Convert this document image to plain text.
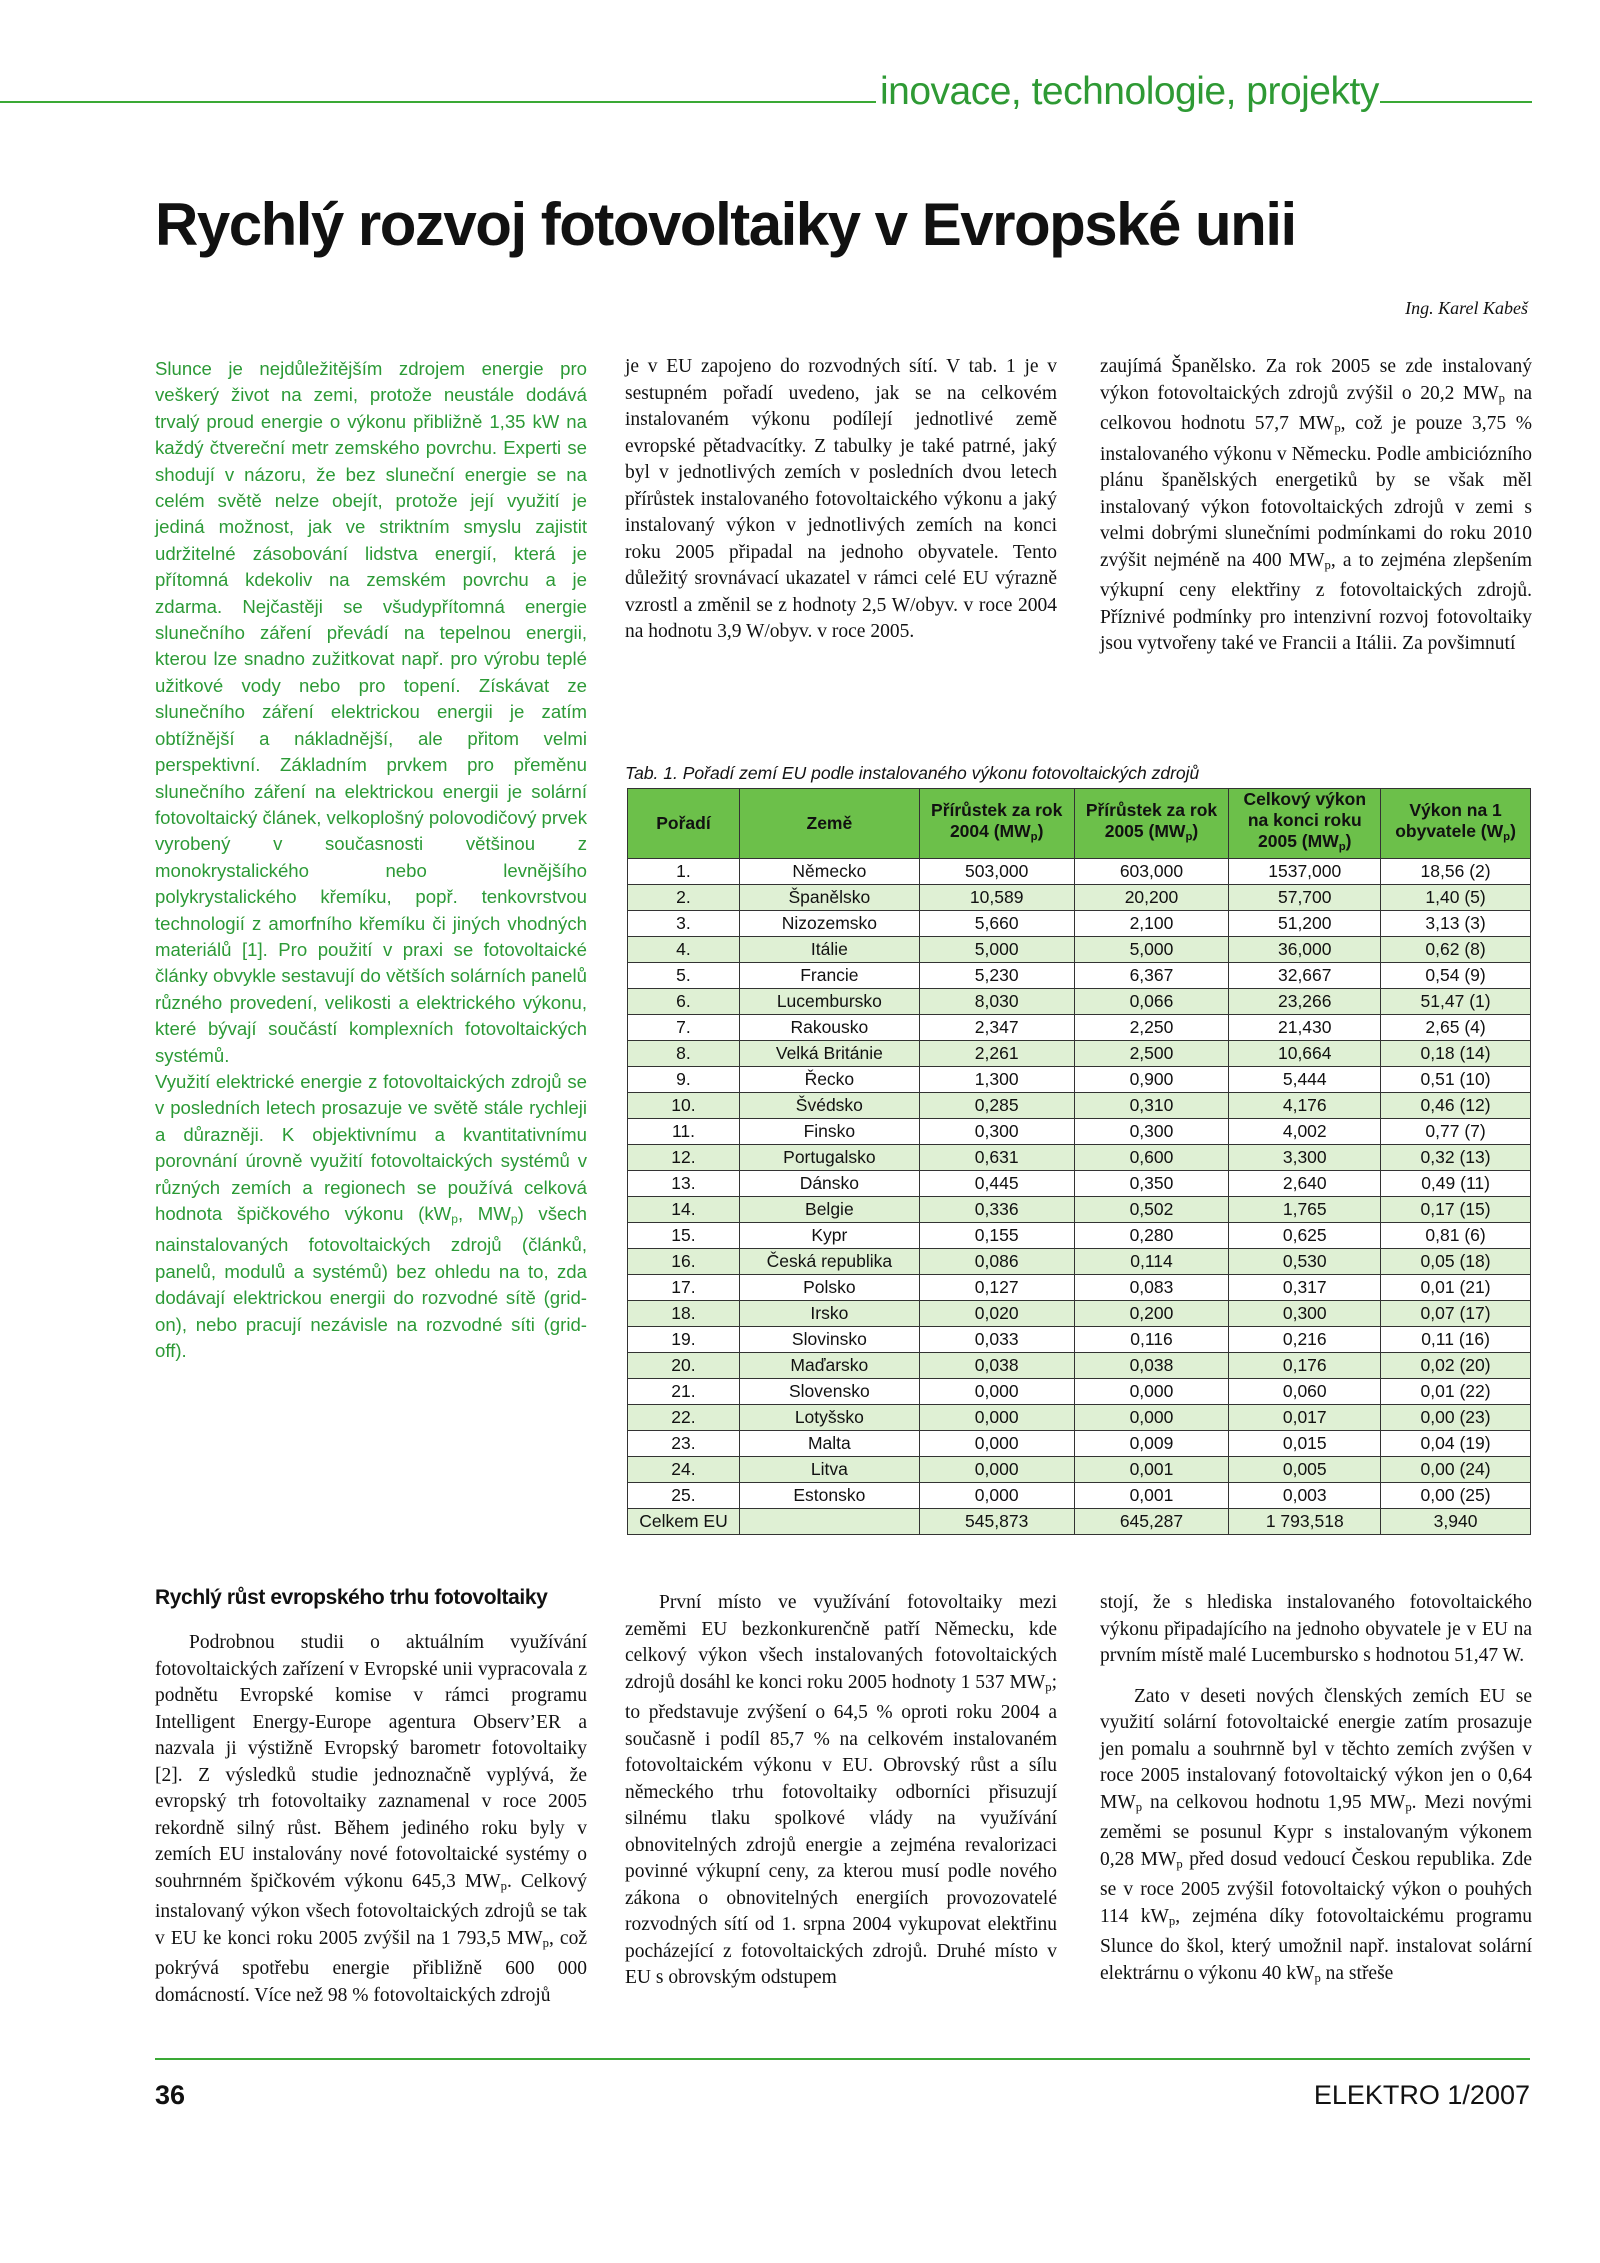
inovace, technologie, projekty
Rychlý rozvoj fotovoltaiky v Evropské unii
Ing. Karel Kabeš

Slunce je nejdůležitějším zdrojem energie pro veškerý život na zemi, protože neustále dodává trvalý proud energie o výkonu přibližně 1,35 kW na každý čtvereční metr zemského povrchu. Experti se shodují v názoru, že bez sluneční energie se na celém světě nelze obejít, protože její využití je jediná možnost, jak ve striktním smyslu zajistit udržitelné zásobování lidstva energií, která je přítomná kdekoliv na zemském povrchu a je zdarma. Nejčastěji se všudypřítomná energie slunečního záření převádí na tepelnou energii, kterou lze snadno zužitkovat např. pro výrobu teplé užitkové vody nebo pro topení. Získávat ze slunečního záření elektrickou energii je zatím obtížnější a nákladnější, ale přitom velmi perspektivní. Základním prvkem pro přeměnu slunečního záření na elektrickou energii je solární fotovoltaický článek, velkoplošný polovodičový prvek vyrobený v současnosti většinou z monokrystalického nebo levnějšího polykrystalického křemíku, popř. tenkovrstvou technologií z amorfního křemíku či jiných vhodných materiálů [1]. Pro použití v praxi se fotovoltaické články obvykle sestavují do větších solárních panelů různého provedení, velikosti a elektrického výkonu, které bývají součástí komplexních fotovoltaických systémů.

Využití elektrické energie z fotovoltaických zdrojů se v posledních letech prosazuje ve světě stále rychleji a důrazněji. K objektivnímu a kvantitativnímu porovnání úrovně využití fotovoltaických systémů v různých zemích a regionech se používá celková hodnota špičkového výkonu ($kW_p$, $MW_p$) všech nainstalovaných fotovoltaických zdrojů (článků, panelů, modulů a systémů) bez ohledu na to, zda dodávají elektrickou energii do rozvodné sítě (grid-on), nebo pracují nezávisle na rozvodné síti (grid-off).

je v EU zapojeno do rozvodných sítí. V tab. 1 je v sestupném pořadí uvedeno, jak se na celkovém instalovaném výkonu podílejí jednotlivé země evropské pětadvacítky. Z tabulky je také patrné, jaký byl v jednotlivých zemích v posledních dvou letech přírůstek instalovaného fotovoltaického výkonu a jaký instalovaný výkon v jednotlivých zemích na konci roku 2005 připadal na jednoho obyvatele. Tento důležitý srovnávací ukazatel v rámci celé EU výrazně vzrostl a změnil se z hodnoty 2,5 W/obyv. v roce 2004 na hodnotu 3,9 W/obyv. v roce 2005.

zaujímá Španělsko. Za rok 2005 se zde instalovaný výkon fotovoltaických zdrojů zvýšil o 20,2 $MW_p$ na celkovou hodnotu 57,7 $MW_p$, což je pouze 3,75 % instalovaného výkonu v Německu. Podle ambiciózního plánu španělských energetiků by se však měl instalovaný výkon fotovoltaických zdrojů v zemi s velmi dobrými slunečními podmínkami do roku 2010 zvýšit nejméně na 400 $MW_p$, a to zejména zlepšením výkupní ceny elektřiny z fotovoltaických zdrojů. Příznivé podmínky pro intenzivní rozvoj fotovoltaiky jsou vytvořeny také ve Francii a Itálii. Za povšimnutí

Tab. 1. Pořadí zemí EU podle instalovaného výkonu fotovoltaických zdrojů
Pořadí	Země	Přírůstek za rok 2004 $(MW_p)$	Přírůstek za rok 2005 $(MW_p)$	Celkový výkon na konci roku 2005 $(MW_p)$	Výkon na 1 obyvatele $(W_p)$
1.	Německo	503,000	603,000	1537,000	18,56 (2)
2.	Španělsko	10,589	20,200	57,700	1,40 (5)
3.	Nizozemsko	5,660	2,100	51,200	3,13 (3)
4.	Itálie	5,000	5,000	36,000	0,62 (8)
5.	Francie	5,230	6,367	32,667	0,54 (9)
6.	Lucembursko	8,030	0,066	23,266	51,47 (1)
7.	Rakousko	2,347	2,250	21,430	2,65 (4)
8.	Velká Británie	2,261	2,500	10,664	0,18 (14)
9.	Řecko	1,300	0,900	5,444	0,51 (10)
10.	Švédsko	0,285	0,310	4,176	0,46 (12)
11.	Finsko	0,300	0,300	4,002	0,77 (7)
12.	Portugalsko	0,631	0,600	3,300	0,32 (13)
13.	Dánsko	0,445	0,350	2,640	0,49 (11)
14.	Belgie	0,336	0,502	1,765	0,17 (15)
15.	Kypr	0,155	0,280	0,625	0,81 (6)
16.	Česká republika	0,086	0,114	0,530	0,05 (18)
17.	Polsko	0,127	0,083	0,317	0,01 (21)
18.	Irsko	0,020	0,200	0,300	0,07 (17)
19.	Slovinsko	0,033	0,116	0,216	0,11 (16)
20.	Maďarsko	0,038	0,038	0,176	0,02 (20)
21.	Slovensko	0,000	0,000	0,060	0,01 (22)
22.	Lotyšsko	0,000	0,000	0,017	0,00 (23)
23.	Malta	0,000	0,009	0,015	0,04 (19)
24.	Litva	0,000	0,001	0,005	0,00 (24)
25.	Estonsko	0,000	0,001	0,003	0,00 (25)
Celkem EU		545,873	645,287	1 793,518	3,940
Rychlý růst evropského trhu fotovoltaiky

Podrobnou studii o aktuálním využívání fotovoltaických zařízení v Evropské unii vypracovala z podnětu Evropské komise v rámci programu Intelligent Energy-Europe agentura Observ’ER a nazvala ji výstižně Evropský barometr fotovoltaiky [2]. Z výsledků studie jednoznačně vyplývá, že evropský trh fotovoltaiky zaznamenal v roce 2005 rekordně silný růst. Během jediného roku byly v zemích EU instalovány nové fotovoltaické systémy o souhrnném špičkovém výkonu 645,3 $MW_p$. Celkový instalovaný výkon všech fotovoltaických zdrojů se tak v EU ke konci roku 2005 zvýšil na 1 793,5 $MW_p$, což pokrývá spotřebu energie přibližně 600 000 domácností. Více než 98 % fotovoltaických zdrojů

První místo ve využívání fotovoltaiky mezi zeměmi EU bezkonkurenčně patří Německu, kde celkový výkon všech instalovaných fotovoltaických zdrojů dosáhl ke konci roku 2005 hodnoty 1 537 $MW_p$; to představuje zvýšení o 64,5 % oproti roku 2004 a současně i podíl 85,7 % na celkovém instalovaném fotovoltaickém výkonu v EU. Obrovský růst a sílu německého trhu fotovoltaiky odborníci přisuzují silnému tlaku spolkové vlády na využívání obnovitelných zdrojů energie a zejména revalorizaci povinné výkupní ceny, za kterou musí podle nového zákona o obnovitelných energiích provozovatelé rozvodných sítí od 1. srpna 2004 vykupovat elektřinu pocházející z fotovoltaických zdrojů. Druhé místo v EU s obrovským odstupem

stojí, že s hlediska instalovaného fotovoltaického výkonu připadajícího na jednoho obyvatele je v EU na prvním místě malé Lucembursko s hodnotou 51,47 W.

Zato v deseti nových členských zemích EU se využití solární fotovoltaické energie zatím prosazuje jen pomalu a souhrnně byl v těchto zemích zvýšen v roce 2005 instalovaný fotovoltaický výkon jen o 0,64 $MW_p$ na celkovou hodnotu 1,95 $MW_p$. Mezi novými zeměmi se posunul Kypr s instalovaným výkonem 0,28 $MW_p$ před dosud vedoucí Českou republika. Zde se v roce 2005 zvýšil fotovoltaický výkon o pouhých 114 $kW_p$, zejména díky fotovoltaickému programu Slunce do škol, který umožnil např. instalovat solární elektrárnu o výkonu 40 $kW_p$ na střeše

36	ELEKTRO 1/2007
